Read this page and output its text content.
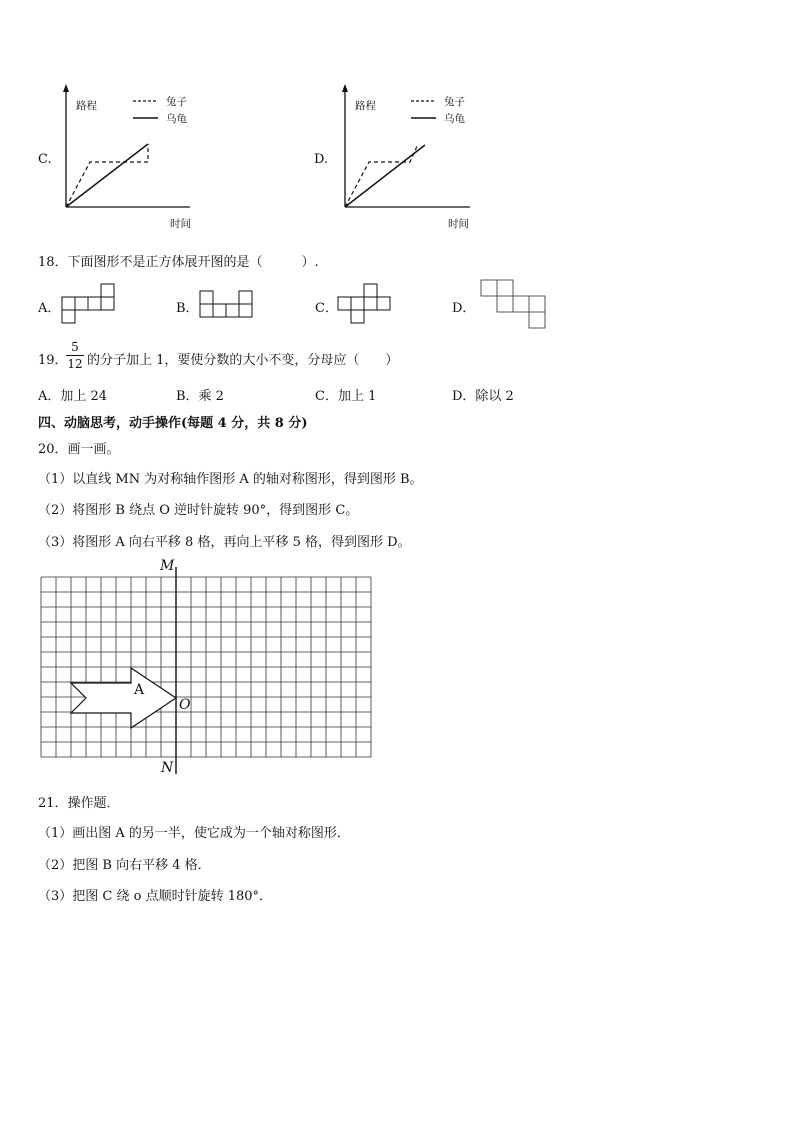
C.
路程	兔子
乌龟
时间
D.
路程	兔子
乌龟
时间
18．下面图形不是正方体展开图的是（　　　）.
A．	B．	C．	D．
19．
5
12 的分子加上 1，要使分数的大小不变，分母应（　　）
A．加上 24	B．乘 2	C．加上 1	D．除以 2
四、动脑思考，动手操作(每题 4 分，共 8 分)
20．画一画。
（1）以直线 MN 为对称轴作图形 A 的轴对称图形，得到图形 B。
（2）将图形 B 绕点 O 逆时针旋转 90°，得到图形 C。
（3）将图形 A 向右平移 8 格，再向上平移 5 格，得到图形 D。
M
N
O
A
21．操作题．
（1）画出图 A 的另一半，使它成为一个轴对称图形．
（2）把图 B 向右平移 4 格．
（3）把图 C 绕 o 点顺时针旋转 180°．
